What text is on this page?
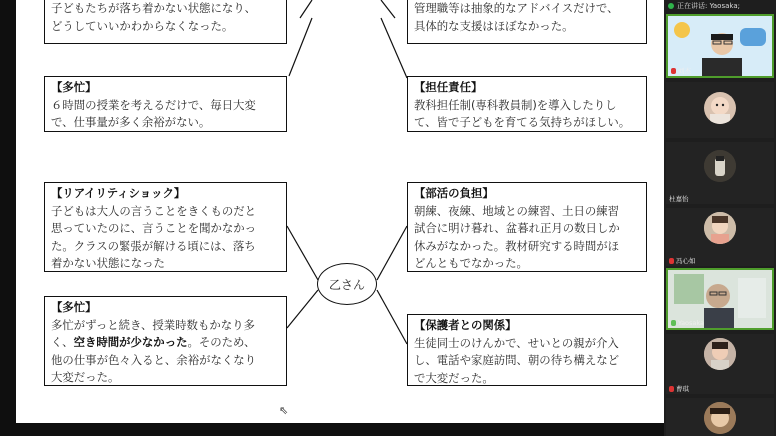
子どもたちが落ち着かない状態になり、
どうしていいかわからなくなった。
管理職等は抽象的なアドバイスだけで、
具体的な支援はほぼなかった。
【多忙】
６時間の授業を考えるだけで、毎日大変
で、仕事量が多く余裕がない。
【担任責任】
教科担任制(専科教員制)を導入したりし
て、皆で子どもを育てる気持ちがほしい。
【リアイリティショック】
子どもは大人の言うことをきくものだと
思っていたのに、言うことを聞かなかっ
た。クラスの緊張が解ける頃には、落ち
着かない状態になった
【部活の負担】
朝練、夜練、地域との練習、土日の練習
試合に明け暮れ、盆暮れ正月の数日しか
休みがなかった。教材研究する時間がほ
どんともでなかった。
【多忙】
多忙がずっと続き、授業時数もかなり多
く、空き時間が少なかった。そのため、
他の仕事が色々入ると、余裕がなくなり
大変だった。
【保護者との関係】
生徒同士のけんかで、せいとの親が介入
し、電話や家庭訪問、朝の待ち構えなど
で大変だった。
乙さん
⇖
正在讲话: Yaosaka;
刘杰
杜嘉怡
冯心如
Yaosaka
曹琪
